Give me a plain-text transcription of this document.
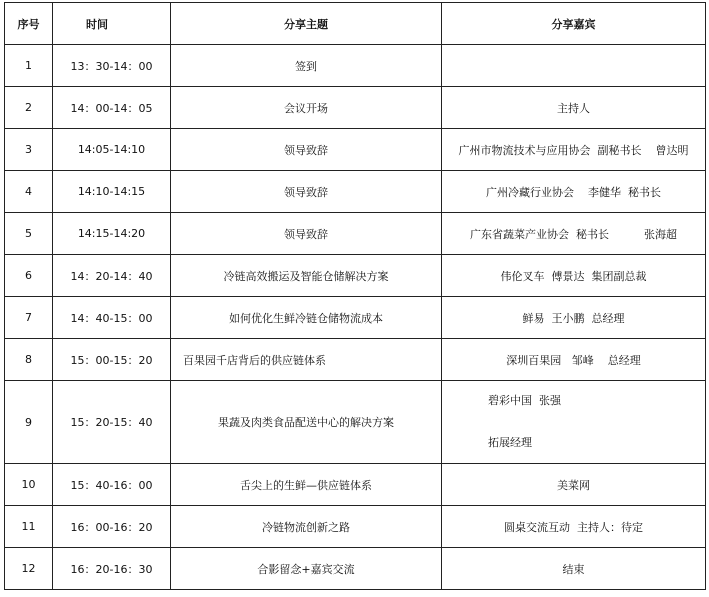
序号	时间	分享主题	分享嘉宾
1	13：30-14：00	签到	
2	14：00-14：05	会议开场	主持人
3	14:05-14:10	领导致辞	广州市物流技术与应用协会  副秘书长    曾达明
4	14:10-14:15	领导致辞	广州冷藏行业协会    李健华  秘书长
5	14:15-14:20	领导致辞	广东省蔬菜产业协会  秘书长          张海超
6	14：20-14：40	冷链高效搬运及智能仓储解决方案	伟伦叉车  傅景达  集团副总裁
7	14：40-15：00	如何优化生鲜冷链仓储物流成本	鲜易  王小鹏  总经理
8	15：00-15：20	百果园千店背后的供应链体系	深圳百果园   邹峰    总经理
9	15：20-15：40	果蔬及肉类食品配送中心的解决方案	碧彩中国  张强
拓展经理

10	15：40-16：00	舌尖上的生鲜—供应链体系	美菜网
11	16：00-16：20	冷链物流创新之路	圆桌交流互动  主持人：待定
12	16：20-16：30	合影留念+嘉宾交流	结束
